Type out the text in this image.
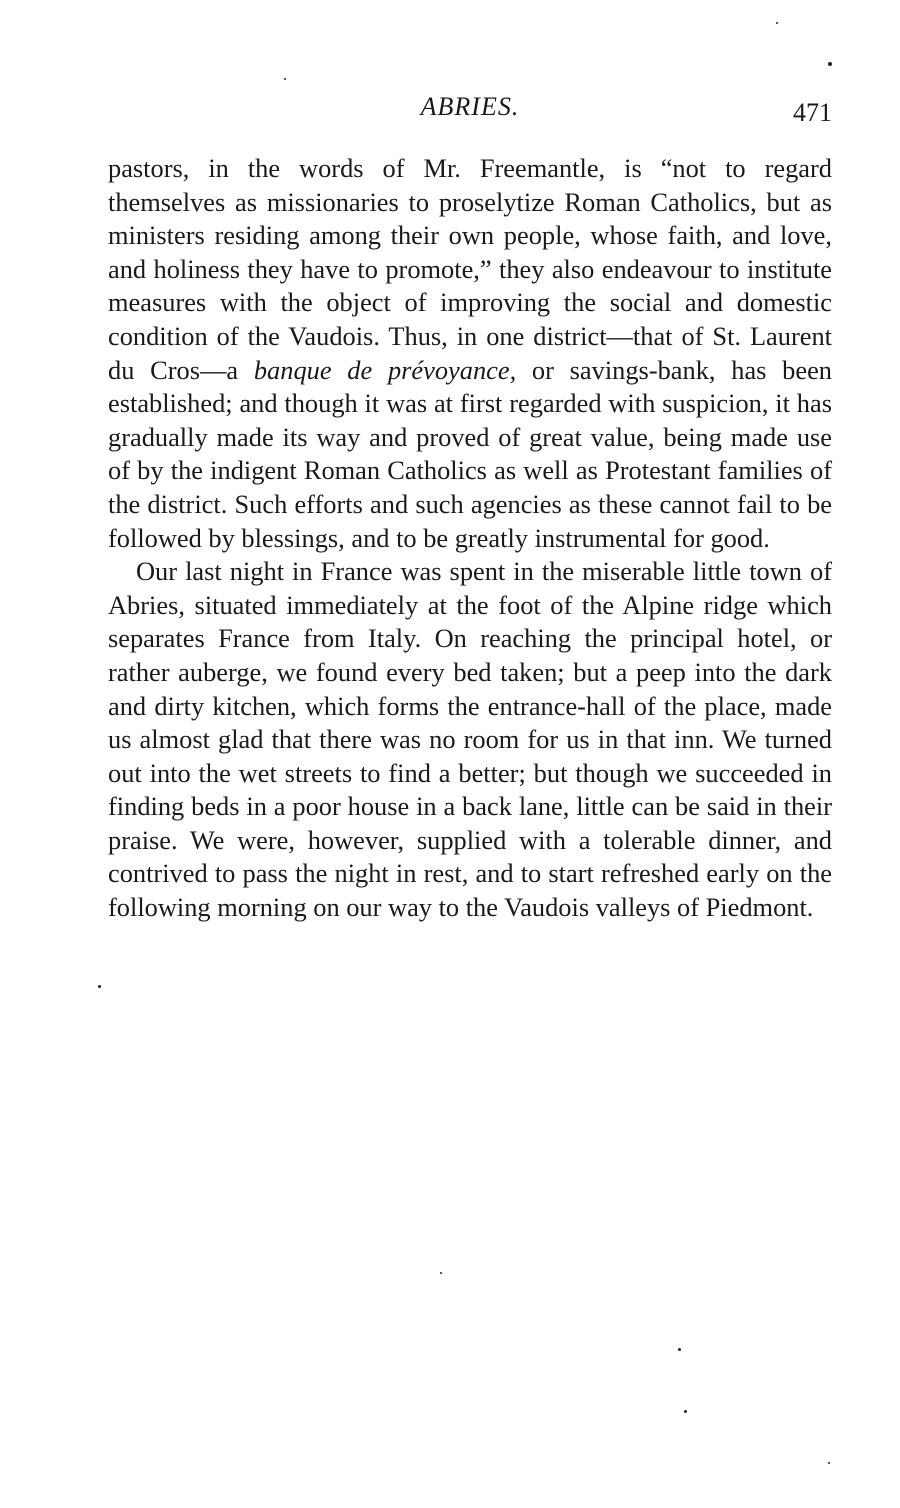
ABRIES.	471

pastors, in the words of Mr. Freemantle, is “not to regard themselves as missionaries to proselytize Roman Catholics, but as ministers residing among their own people, whose faith, and love, and holiness they have to promote,” they also endeavour to institute measures with the object of improving the social and domestic condition of the Vaudois. Thus, in one district—that of St. Laurent du Cros—a banque de prévoyance, or savings-bank, has been established; and though it was at first regarded with suspicion, it has gradually made its way and proved of great value, being made use of by the indigent Roman Catholics as well as Protestant families of the district. Such efforts and such agencies as these cannot fail to be followed by blessings, and to be greatly instrumental for good.

Our last night in France was spent in the miserable little town of Abries, situated immediately at the foot of the Alpine ridge which separates France from Italy. On reaching the principal hotel, or rather auberge, we found every bed taken; but a peep into the dark and dirty kitchen, which forms the entrance-hall of the place, made us almost glad that there was no room for us in that inn. We turned out into the wet streets to find a better; but though we succeeded in finding beds in a poor house in a back lane, little can be said in their praise. We were, however, supplied with a tolerable dinner, and contrived to pass the night in rest, and to start refreshed early on the following morning on our way to the Vaudois valleys of Piedmont.
